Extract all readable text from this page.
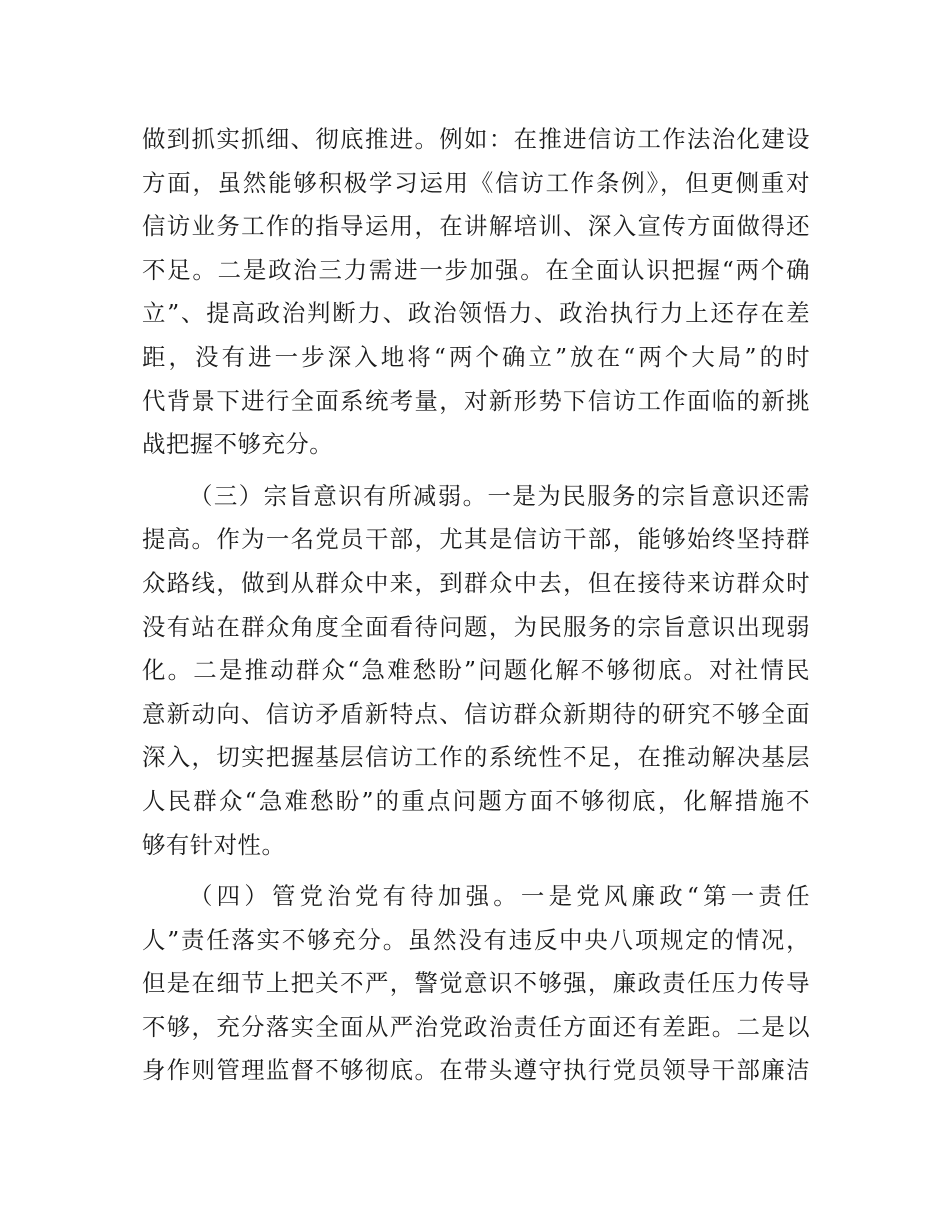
做到抓实抓细、彻底推进。例如：在推进信访工作法治化建设
方面，虽然能够积极学习运用《信访工作条例》，但更侧重对
信访业务工作的指导运用，在讲解培训、深入宣传方面做得还
不足。二是政治三力需进一步加强。在全面认识把握“两个确
立”、提高政治判断力、政治领悟力、政治执行力上还存在差
距，没有进一步深入地将“两个确立”放在“两个大局”的时
代背景下进行全面系统考量，对新形势下信访工作面临的新挑
战把握不够充分。
（三）宗旨意识有所减弱。一是为民服务的宗旨意识还需
提高。作为一名党员干部，尤其是信访干部，能够始终坚持群
众路线，做到从群众中来，到群众中去，但在接待来访群众时
没有站在群众角度全面看待问题，为民服务的宗旨意识出现弱
化。二是推动群众“急难愁盼”问题化解不够彻底。对社情民
意新动向、信访矛盾新特点、信访群众新期待的研究不够全面
深入，切实把握基层信访工作的系统性不足，在推动解决基层
人民群众“急难愁盼”的重点问题方面不够彻底，化解措施不
够有针对性。
（四）管党治党有待加强。一是党风廉政“第一责任
人”责任落实不够充分。虽然没有违反中央八项规定的情况，
但是在细节上把关不严，警觉意识不够强，廉政责任压力传导
不够，充分落实全面从严治党政治责任方面还有差距。二是以
身作则管理监督不够彻底。在带头遵守执行党员领导干部廉洁
